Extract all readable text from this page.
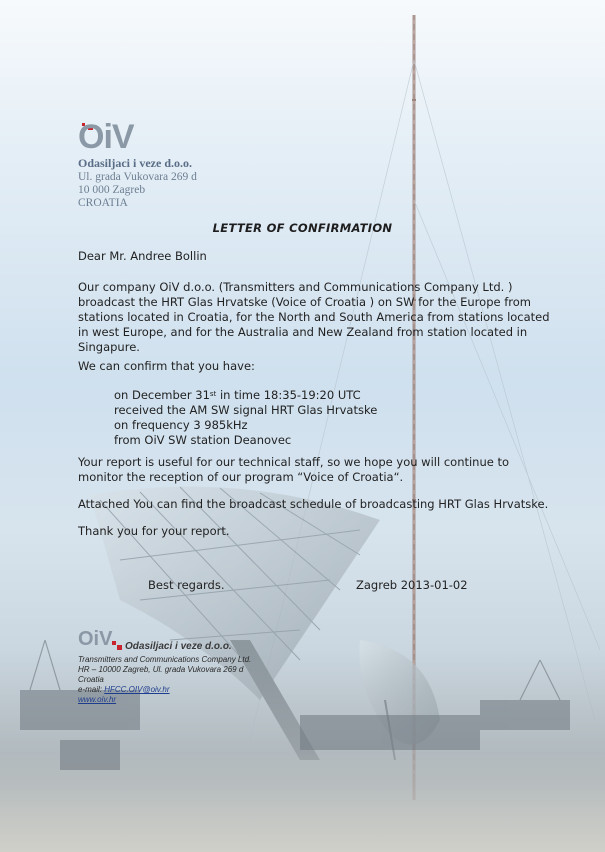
OiV
Odasiljaci i veze d.o.o.
Ul. grada Vukovara 269 d
10 000 Zagreb
CROATIA
LETTER OF CONFIRMATION
Dear Mr. Andree Bollin
Our company OiV d.o.o. (Transmitters and Communications Company Ltd. )
broadcast the HRT Glas Hrvatske (Voice of Croatia ) on SW for the Europe from
stations located in Croatia, for the North and South America from stations located
in west Europe, and for the Australia and New Zealand from station located in
Singapure.
We can confirm that you have:
on December 31st in time 18:35-19:20 UTC
received the AM SW signal HRT Glas Hrvatske
on frequency 3 985kHz
from OiV SW station Deanovec
Your report is useful for our technical staff, so we hope you will continue to
monitor the reception of our program “Voice of Croatia“.
Attached You can find the broadcast schedule of broadcasting HRT Glas Hrvatske.
Thank you for your report.
Best regards.	Zagreb 2013-01-02
OiV Odasiljaci i veze d.o.o.
Transmitters and Communications Company Ltd.
HR – 10000 Zagreb, Ul. grada Vukovara 269 d
Croatia
e-mail: HFCC.OIV@oiv.hr
www.oiv.hr
